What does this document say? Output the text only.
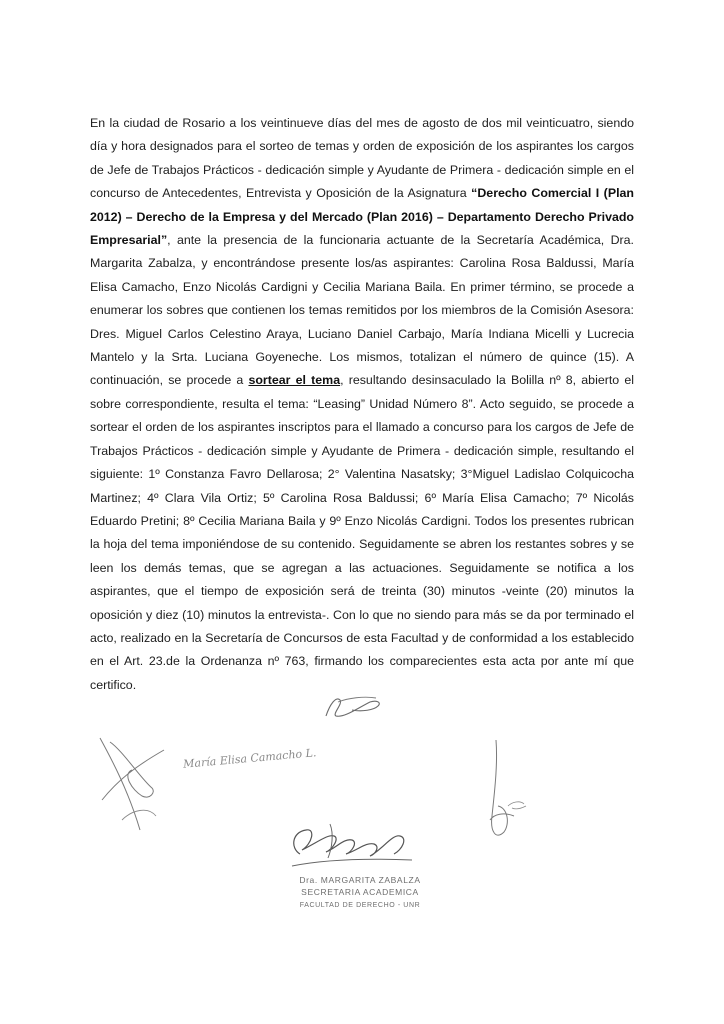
En la ciudad de Rosario a los veintinueve días del mes de agosto de dos mil veinticuatro, siendo día y hora designados para el sorteo de temas y orden de exposición de los aspirantes los cargos de Jefe de Trabajos Prácticos - dedicación simple y Ayudante de Primera - dedicación simple en el concurso de Antecedentes, Entrevista y Oposición de la Asignatura “Derecho Comercial I (Plan 2012) – Derecho de la Empresa y del Mercado (Plan 2016) – Departamento Derecho Privado Empresarial”, ante la presencia de la funcionaria actuante de la Secretaría Académica, Dra. Margarita Zabalza, y encontrándose presente los/as aspirantes: Carolina Rosa Baldussi, María Elisa Camacho, Enzo Nicolás Cardigni y Cecilia Mariana Baila. En primer término, se procede a enumerar los sobres que contienen los temas remitidos por los miembros de la Comisión Asesora: Dres. Miguel Carlos Celestino Araya, Luciano Daniel Carbajo, María Indiana Micelli y Lucrecia Mantelo y la Srta. Luciana Goyeneche. Los mismos, totalizan el número de quince (15). A continuación, se procede a sortear el tema, resultando desinsaculado la Bolilla nº 8, abierto el sobre correspondiente, resulta el tema: “Leasing” Unidad Número 8”. Acto seguido, se procede a sortear el orden de los aspirantes inscriptos para el llamado a concurso para los cargos de Jefe de Trabajos Prácticos - dedicación simple y Ayudante de Primera - dedicación simple, resultando el siguiente: 1º Constanza Favro Dellarosa; 2° Valentina Nasatsky; 3°Miguel Ladislao Colquicocha Martinez; 4º Clara Vila Ortiz; 5º Carolina Rosa Baldussi; 6º María Elisa Camacho; 7º Nicolás Eduardo Pretini; 8º Cecilia Mariana Baila y 9º Enzo Nicolás Cardigni. Todos los presentes rubrican la hoja del tema imponiéndose de su contenido. Seguidamente se abren los restantes sobres y se leen los demás temas, que se agregan a las actuaciones. Seguidamente se notifica a los aspirantes, que el tiempo de exposición será de treinta (30) minutos -veinte (20) minutos la oposición y diez (10) minutos la entrevista-. Con lo que no siendo para más se da por terminado el acto, realizado en la Secretaría de Concursos de esta Facultad y de conformidad a los establecido en el Art. 23.de la Ordenanza nº 763, firmando los comparecientes esta acta por ante mí que certifico.

María Elisa Camacho L.
Dra. MARGARITA ZABALZA
SECRETARIA ACADEMICA
FACULTAD DE DERECHO - UNR
